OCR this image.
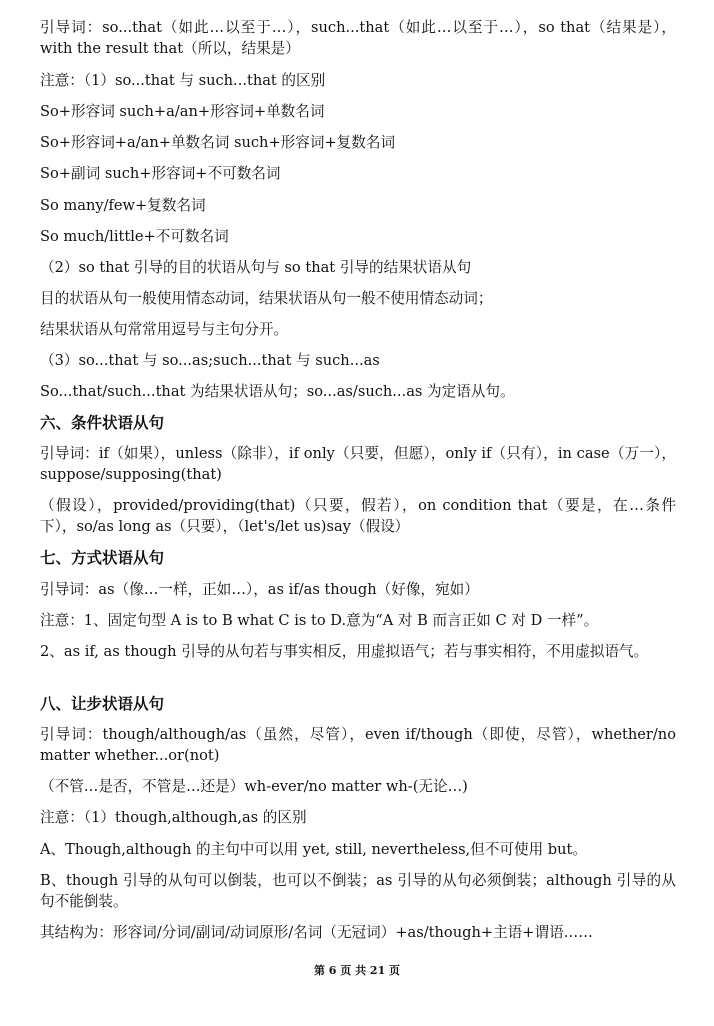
引导词：so...that（如此…以至于…），such...that（如此…以至于…），so that（结果是），with the result that（所以，结果是）
注意：（1）so...that 与 such...that 的区别
So+形容词 such+a/an+形容词+单数名词
So+形容词+a/an+单数名词 such+形容词+复数名词
So+副词 such+形容词+不可数名词
So many/few+复数名词
So much/little+不可数名词
（2）so that 引导的目的状语从句与 so that 引导的结果状语从句
目的状语从句一般使用情态动词，结果状语从句一般不使用情态动词；
结果状语从句常常用逗号与主句分开。
（3）so...that 与 so...as;such...that 与 such...as
So...that/such...that 为结果状语从句；so...as/such...as 为定语从句。
六、条件状语从句
引导词：if（如果），unless（除非），if only（只要，但愿），only if（只有），in case（万一），suppose/supposing(that)
（假设），provided/providing(that)（只要，假若），on condition that（要是，在…条件下），so/as long as（只要），（let's/let us)say（假设）
七、方式状语从句
引导词：as（像…一样，正如…），as if/as though（好像，宛如）
注意：1、固定句型 A is to B what C is to D.意为“A 对 B 而言正如 C 对 D 一样”。
2、as if, as though 引导的从句若与事实相反，用虚拟语气；若与事实相符，不用虚拟语气。
八、让步状语从句
引导词：though/although/as（虽然，尽管），even if/though（即使，尽管），whether/no matter whether...or(not)
（不管…是否，不管是…还是）wh-ever/no matter wh-(无论…)
注意：（1）though,although,as 的区别
A、Though,although 的主句中可以用 yet, still, nevertheless,但不可使用 but。
B、though 引导的从句可以倒装，也可以不倒装；as 引导的从句必须倒装；although 引导的从句不能倒装。
其结构为：形容词/分词/副词/动词原形/名词（无冠词）+as/though+主语+谓语……
第 6 页 共 21 页
